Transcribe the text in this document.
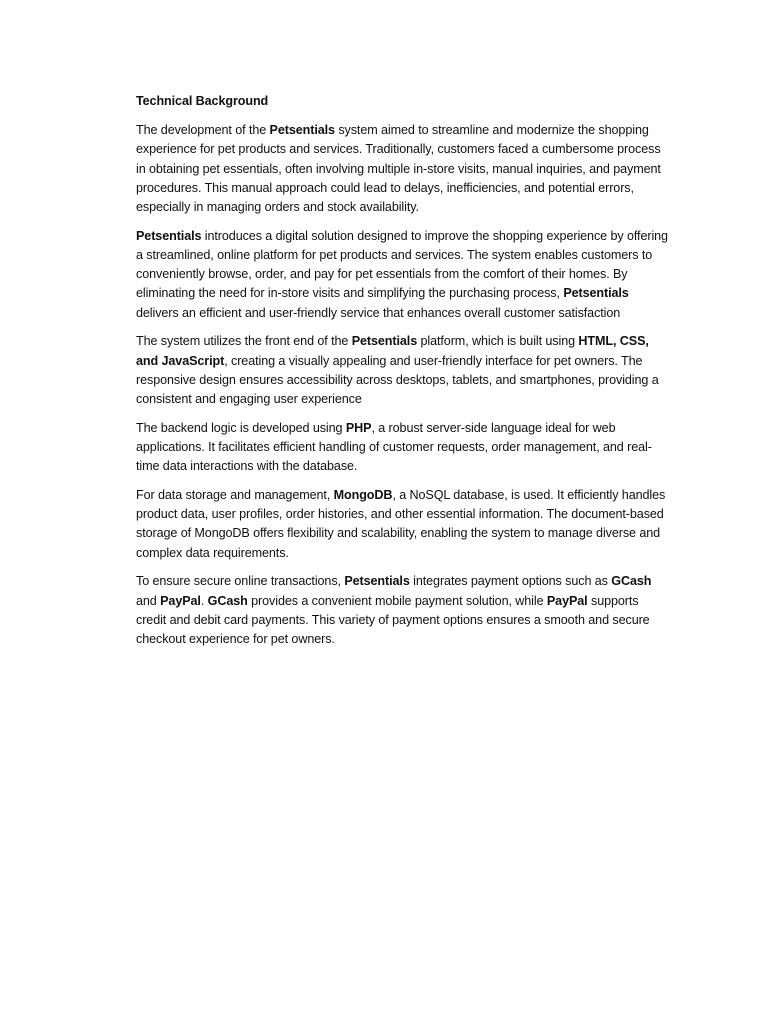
Technical Background

The development of the Petsentials system aimed to streamline and modernize the shopping experience for pet products and services. Traditionally, customers faced a cumbersome process in obtaining pet essentials, often involving multiple in-store visits, manual inquiries, and payment procedures. This manual approach could lead to delays, inefficiencies, and potential errors, especially in managing orders and stock availability.

Petsentials introduces a digital solution designed to improve the shopping experience by offering a streamlined, online platform for pet products and services. The system enables customers to conveniently browse, order, and pay for pet essentials from the comfort of their homes. By eliminating the need for in-store visits and simplifying the purchasing process, Petsentials delivers an efficient and user-friendly service that enhances overall customer satisfaction

The system utilizes the front end of the Petsentials platform, which is built using HTML, CSS, and JavaScript, creating a visually appealing and user-friendly interface for pet owners. The responsive design ensures accessibility across desktops, tablets, and smartphones, providing a consistent and engaging user experience

The backend logic is developed using PHP, a robust server-side language ideal for web applications. It facilitates efficient handling of customer requests, order management, and real-time data interactions with the database.

For data storage and management, MongoDB, a NoSQL database, is used. It efficiently handles product data, user profiles, order histories, and other essential information. The document-based storage of MongoDB offers flexibility and scalability, enabling the system to manage diverse and complex data requirements.

To ensure secure online transactions, Petsentials integrates payment options such as GCash and PayPal. GCash provides a convenient mobile payment solution, while PayPal supports credit and debit card payments. This variety of payment options ensures a smooth and secure checkout experience for pet owners.
